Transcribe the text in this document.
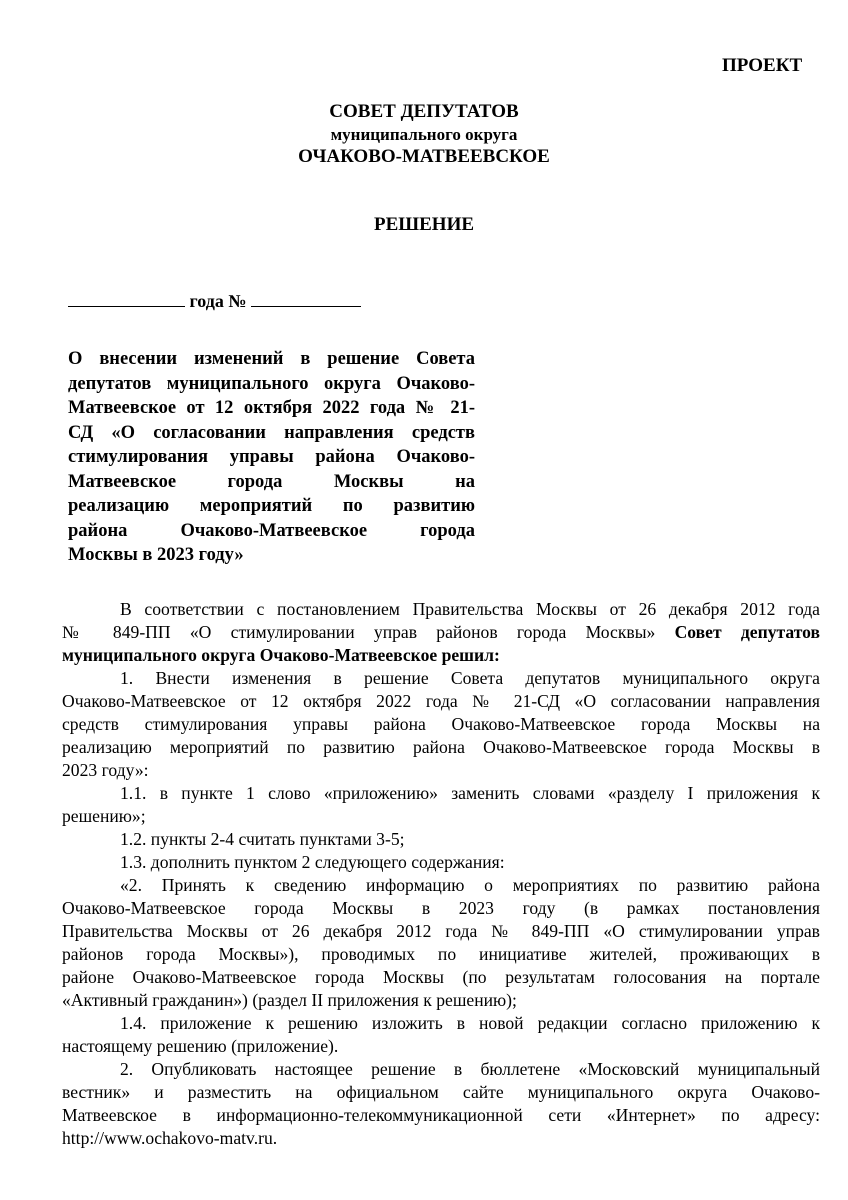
ПРОЕКТ
СОВЕТ ДЕПУТАТОВ
муниципального округа
ОЧАКОВО-МАТВЕЕВСКОЕ
РЕШЕНИЕ
года №
О внесении изменений в решение Совета
депутатов муниципального округа Очаково-
Матвеевское от 12 октября 2022 года № 21-
СД «О согласовании направления средств
стимулирования управы района Очаково-
Матвеевское города Москвы на
реализацию мероприятий по развитию
района Очаково-Матвеевское города
Москвы в 2023 году»
В соответствии с постановлением Правительства Москвы от 26 декабря 2012 года
№ 849-ПП «О стимулировании управ районов города Москвы» Совет депутатов
муниципального округа Очаково-Матвеевское решил:
1. Внести изменения в решение Совета депутатов муниципального округа
Очаково-Матвеевское от 12 октября 2022 года № 21-СД «О согласовании направления
средств стимулирования управы района Очаково-Матвеевское города Москвы на
реализацию мероприятий по развитию района Очаково-Матвеевское города Москвы в
2023 году»:
1.1. в пункте 1 слово «приложению» заменить словами «разделу I приложения к
решению»;
1.2. пункты 2-4 считать пунктами 3-5;
1.3. дополнить пунктом 2 следующего содержания:
«2. Принять к сведению информацию о мероприятиях по развитию района
Очаково-Матвеевское города Москвы в 2023 году (в рамках постановления
Правительства Москвы от 26 декабря 2012 года № 849-ПП «О стимулировании управ
районов города Москвы»), проводимых по инициативе жителей, проживающих в
районе Очаково-Матвеевское города Москвы (по результатам голосования на портале
«Активный гражданин») (раздел II приложения к решению);
1.4. приложение к решению изложить в новой редакции согласно приложению к
настоящему решению (приложение).
2. Опубликовать настоящее решение в бюллетене «Московский муниципальный
вестник» и разместить на официальном сайте муниципального округа Очаково-
Матвеевское в информационно-телекоммуникационной сети «Интернет» по адресу:
http://www.ochakovo-matv.ru.
